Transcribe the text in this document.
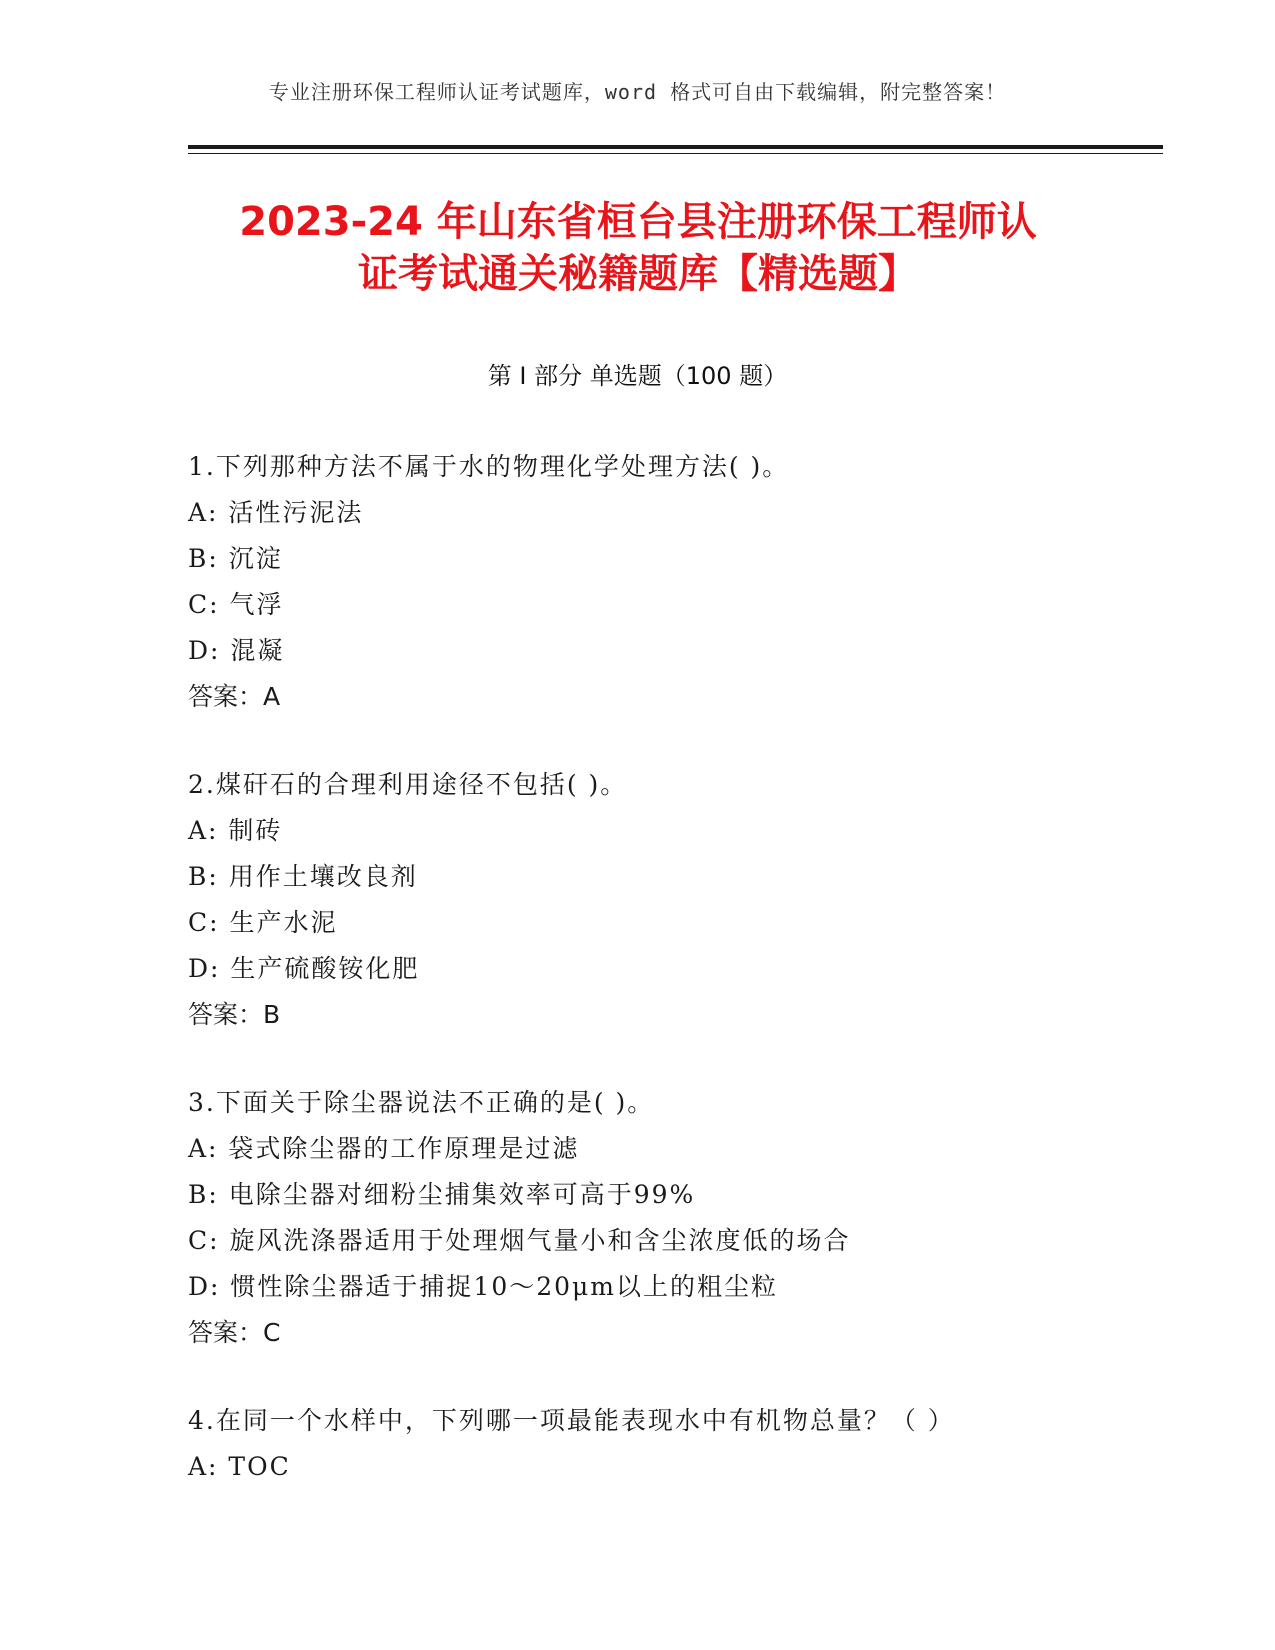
专业注册环保工程师认证考试题库，word 格式可自由下载编辑，附完整答案！
2023-24 年山东省桓台县注册环保工程师认
证考试通关秘籍题库【精选题】
第 I 部分 单选题（100 题）
1.下列那种方法不属于水的物理化学处理方法( )。
A: 活性污泥法
B: 沉淀
C: 气浮
D: 混凝
答案：A
2.煤矸石的合理利用途径不包括( )。
A: 制砖
B: 用作土壤改良剂
C: 生产水泥
D: 生产硫酸铵化肥
答案：B
3.下面关于除尘器说法不正确的是( )。
A: 袋式除尘器的工作原理是过滤
B: 电除尘器对细粉尘捕集效率可高于99%
C: 旋风洗涤器适用于处理烟气量小和含尘浓度低的场合
D: 惯性除尘器适于捕捉10～20μm以上的粗尘粒
答案：C
4.在同一个水样中，下列哪一项最能表现水中有机物总量？（ ）
A: TOC
